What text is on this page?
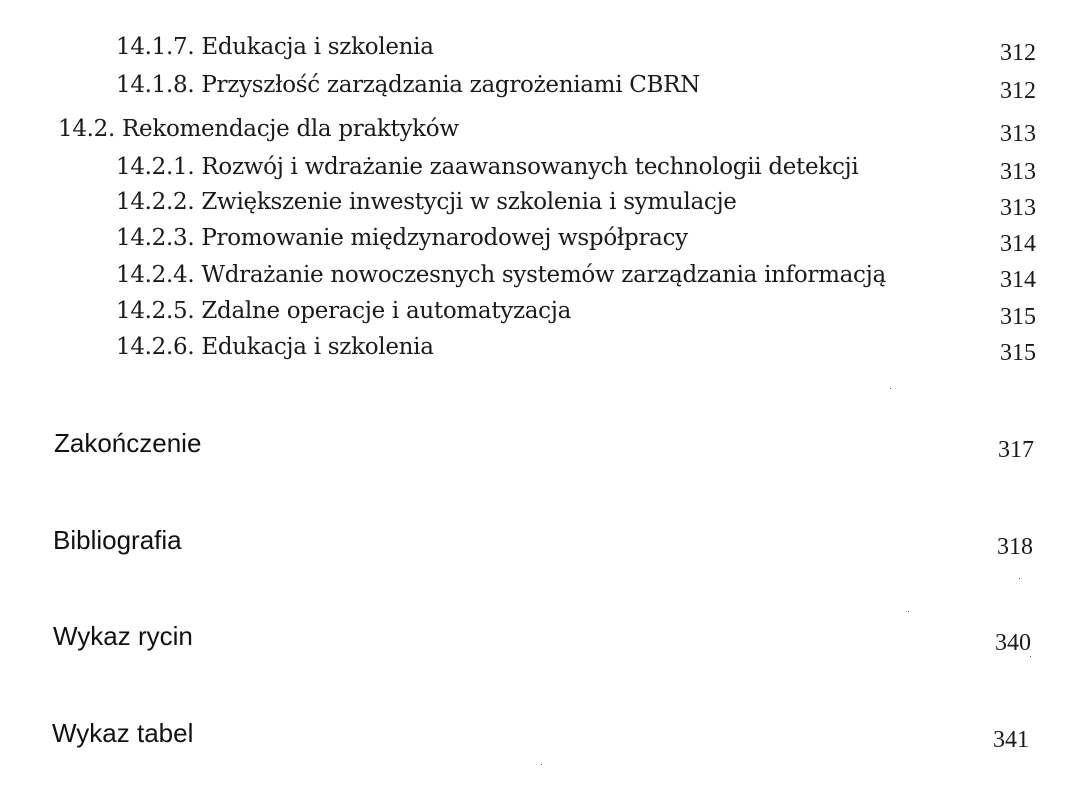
14.1.7. Edukacja i szkolenia	312
14.1.8. Przyszłość zarządzania zagrożeniami CBRN	312
14.2. Rekomendacje dla praktyków	313
14.2.1. Rozwój i wdrażanie zaawansowanych technologii detekcji	313
14.2.2. Zwiększenie inwestycji w szkolenia i symulacje	313
14.2.3. Promowanie międzynarodowej współpracy	314
14.2.4. Wdrażanie nowoczesnych systemów zarządzania informacją	314
14.2.5. Zdalne operacje i automatyzacja	315
14.2.6. Edukacja i szkolenia	315
Zakończenie	317
Bibliografia	318
Wykaz rycin	340
Wykaz tabel	341
